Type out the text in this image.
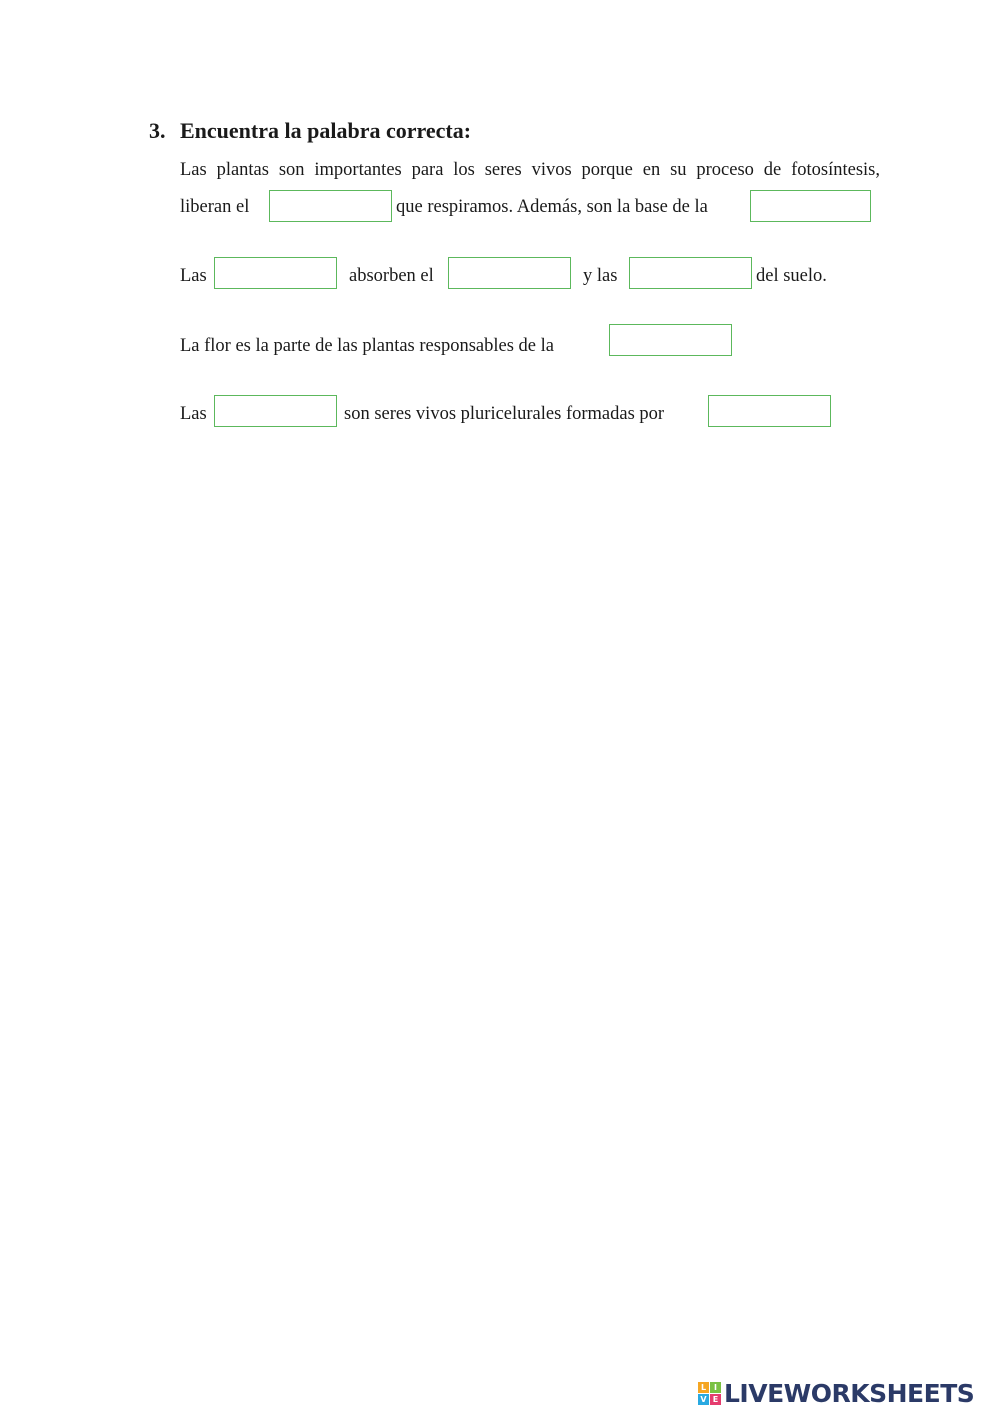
3. Encuentra la palabra correcta:
Las plantas son importantes para los seres vivos porque en su proceso de fotosíntesis,
liberan el	que respiramos. Además, son la base de la
Las	absorben el	y las	del suelo.
La flor es la parte de las plantas responsables de la
Las	son seres vivos pluricelurales formadas por
L I
V E LIVEWORKSHEETS
